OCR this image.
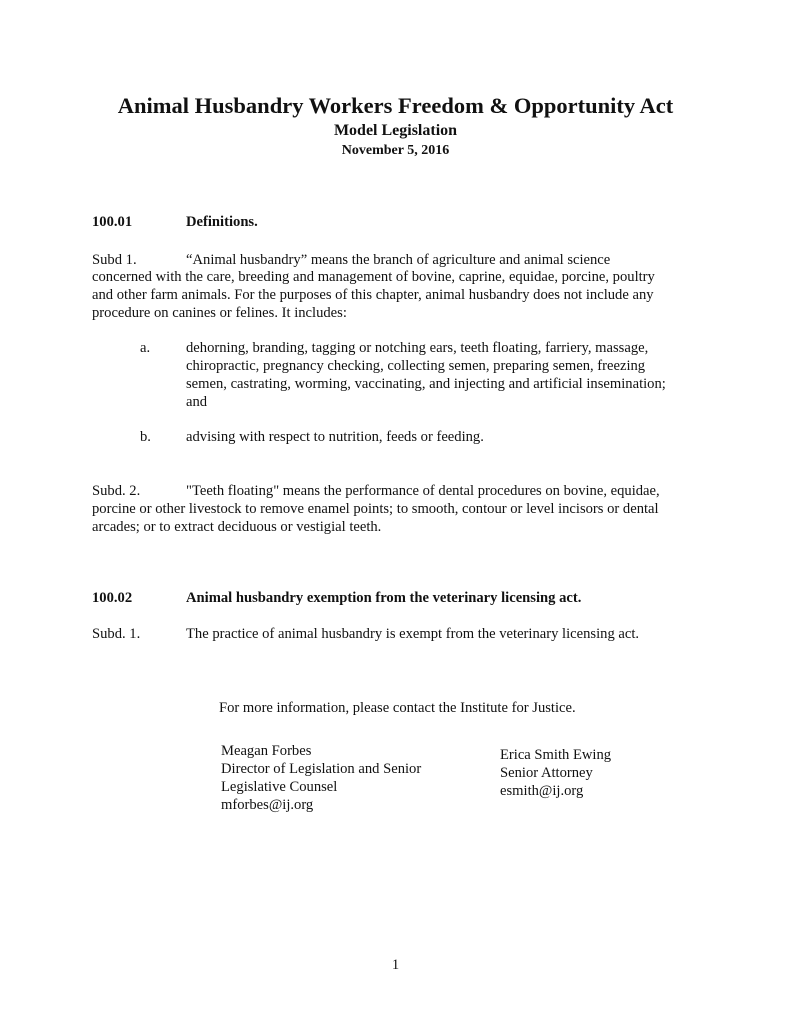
Animal Husbandry Workers Freedom & Opportunity Act
Model Legislation
November 5, 2016
100.01	Definitions.
Subd 1.	“Animal husbandry” means the branch of agriculture and animal science
concerned with the care, breeding and management of bovine, caprine, equidae, porcine, poultry
and other farm animals. For the purposes of this chapter, animal husbandry does not include any
procedure on canines or felines. It includes:
a. dehorning, branding, tagging or notching ears, teeth floating, farriery, massage,
chiropractic, pregnancy checking, collecting semen, preparing semen, freezing
semen, castrating, worming, vaccinating, and injecting and artificial insemination;
and
b. advising with respect to nutrition, feeds or feeding.
Subd. 2.	"Teeth floating" means the performance of dental procedures on bovine, equidae,
porcine or other livestock to remove enamel points; to smooth, contour or level incisors or dental
arcades; or to extract deciduous or vestigial teeth.
100.02	Animal husbandry exemption from the veterinary licensing act.
Subd. 1.	The practice of animal husbandry is exempt from the veterinary licensing act.
For more information, please contact the Institute for Justice.
Meagan Forbes
Director of Legislation and Senior
Legislative Counsel
mforbes@ij.org
Erica Smith Ewing
Senior Attorney
esmith@ij.org
1
